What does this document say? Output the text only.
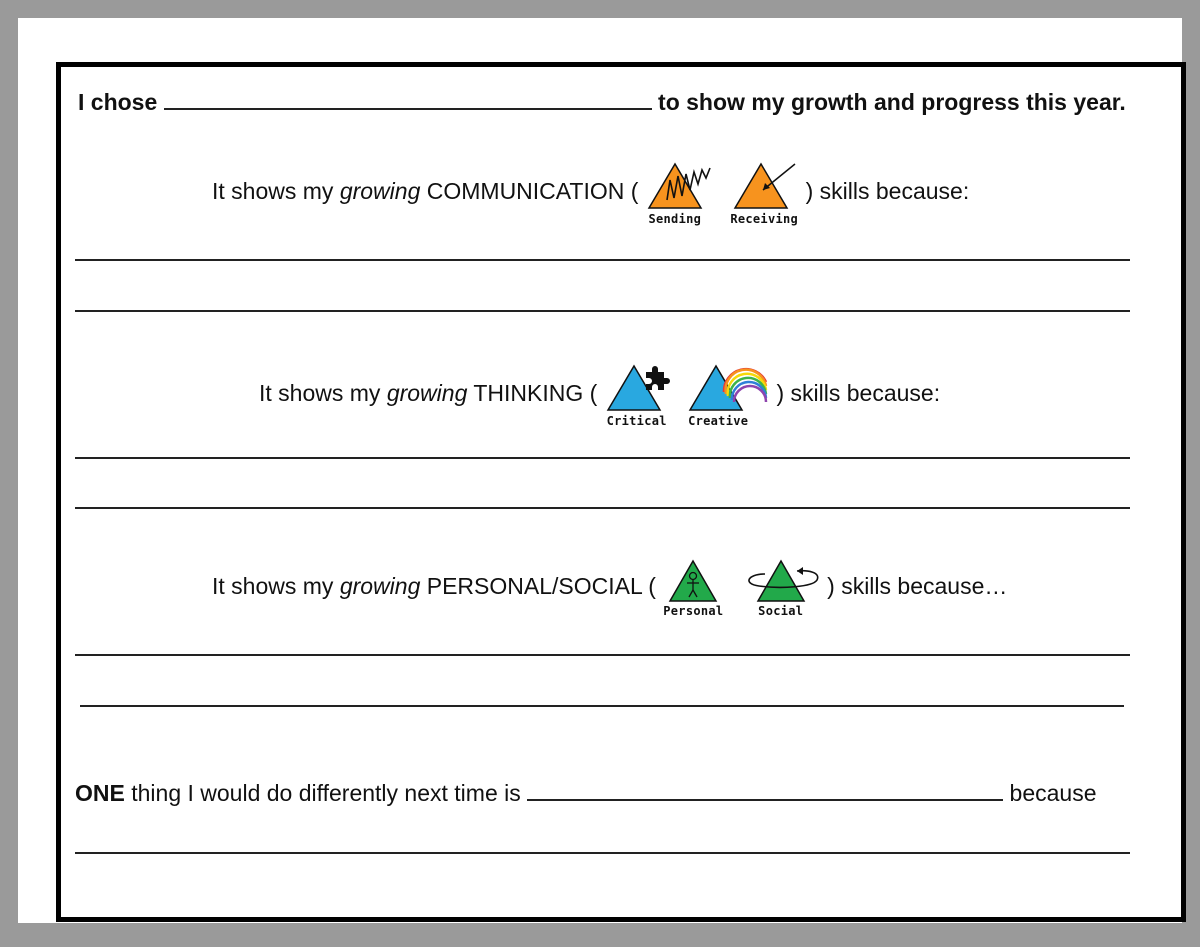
I chose	to show my growth and progress this year.
It shows my growing COMMUNICATION (
Sending
	Receiving
) skills because:
It shows my growing THINKING (
Critical
Creative
) skills because:
It shows my growing PERSONAL/SOCIAL (
Personal
	Social
) skills because…
ONE thing I would do differently next time is	because
